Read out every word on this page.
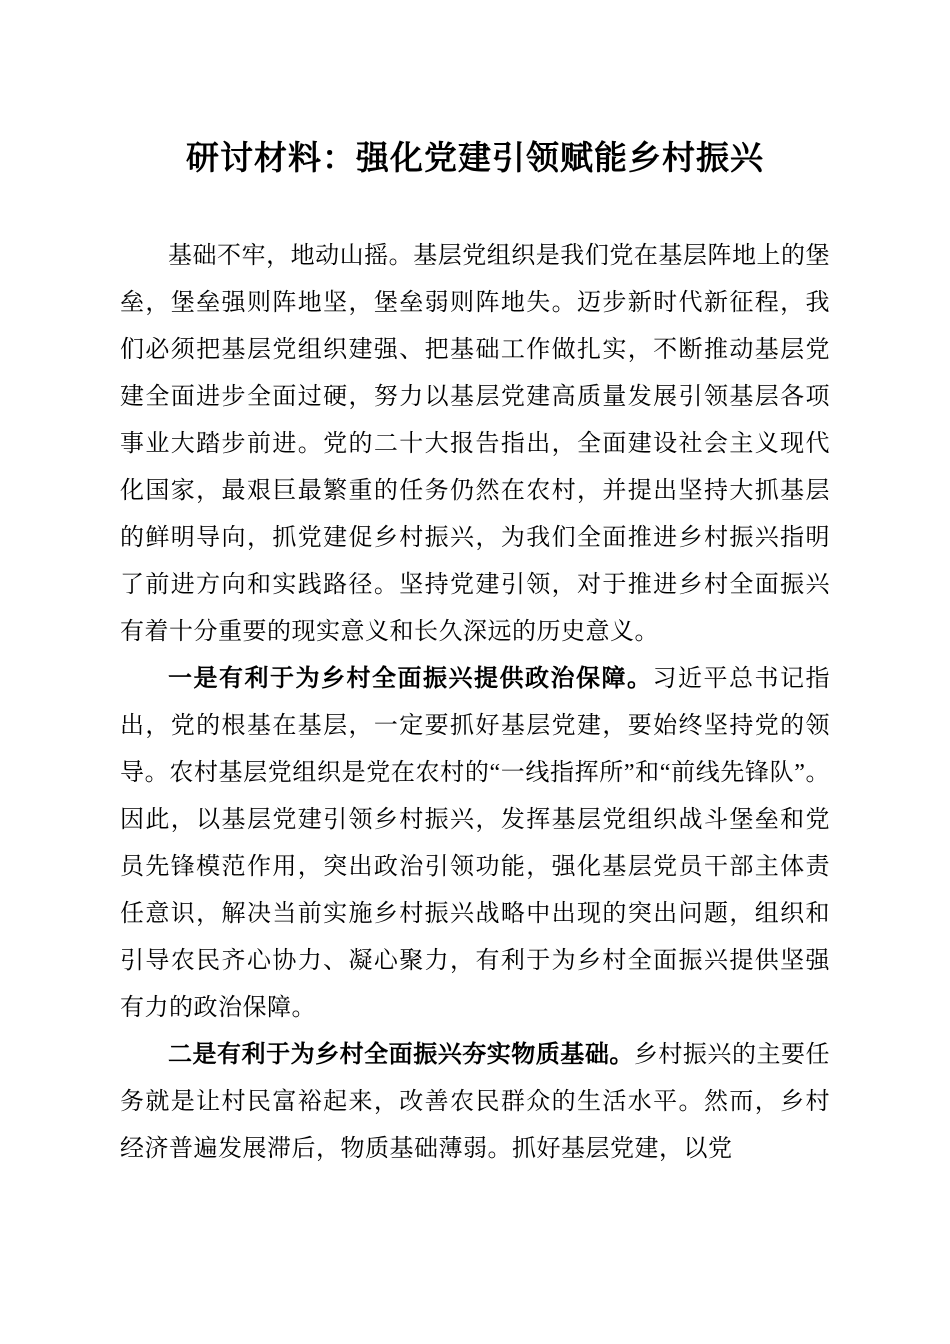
研讨材料：强化党建引领赋能乡村振兴

基础不牢，地动山摇。基层党组织是我们党在基层阵地上的堡垒，堡垒强则阵地坚，堡垒弱则阵地失。迈步新时代新征程，我们必须把基层党组织建强、把基础工作做扎实，不断推动基层党建全面进步全面过硬，努力以基层党建高质量发展引领基层各项事业大踏步前进。党的二十大报告指出，全面建设社会主义现代化国家，最艰巨最繁重的任务仍然在农村，并提出坚持大抓基层的鲜明导向，抓党建促乡村振兴，为我们全面推进乡村振兴指明了前进方向和实践路径。坚持党建引领，对于推进乡村全面振兴有着十分重要的现实意义和长久深远的历史意义。

一是有利于为乡村全面振兴提供政治保障。习近平总书记指出，党的根基在基层，一定要抓好基层党建，要始终坚持党的领导。农村基层党组织是党在农村的“一线指挥所”和“前线先锋队”。因此，以基层党建引领乡村振兴，发挥基层党组织战斗堡垒和党员先锋模范作用，突出政治引领功能，强化基层党员干部主体责任意识，解决当前实施乡村振兴战略中出现的突出问题，组织和引导农民齐心协力、凝心聚力，有利于为乡村全面振兴提供坚强有力的政治保障。

二是有利于为乡村全面振兴夯实物质基础。乡村振兴的主要任务就是让村民富裕起来，改善农民群众的生活水平。然而，乡村经济普遍发展滞后，物质基础薄弱。抓好基层党建，以党
